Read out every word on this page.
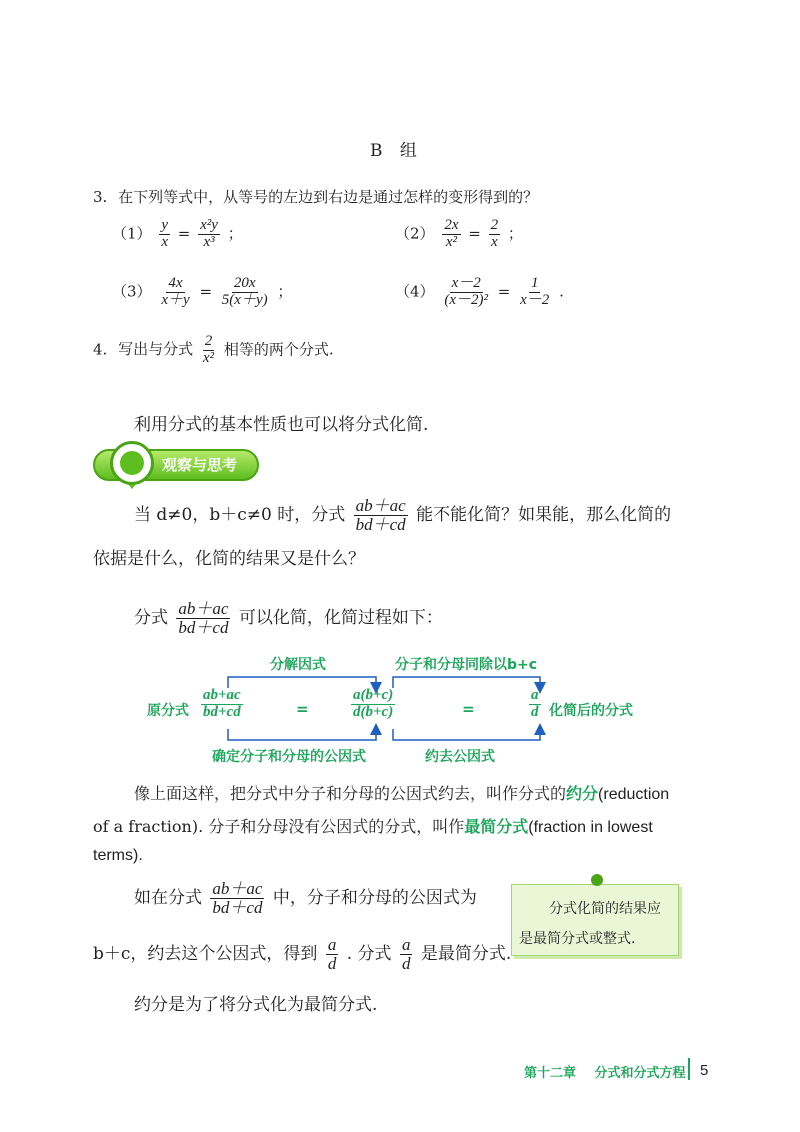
B 组
3. 在下列等式中，从等号的左边到右边是通过怎样的变形得到的？
$(1) \frac{y}{x} = \frac{\text{x²y}}{\text{x³}}$ ；	$(2) \frac{2x}{\text{x²}} = \frac{2}{x}$ ；
$(3) \frac{4x}{x+y} = \frac{20x}{5(x+y)}$ ；	$(4) \frac{x-2}{\text{(x－2)²}} = \frac{1}{x-2}$ .
4. 写出与分式 $\frac{2}{\text{x²}}$ 相等的两个分式.
利用分式的基本性质也可以将分式化简.
观察与思考
当 d≠0，b＋c≠0 时，分式 $\frac{ab+ac}{bd+cd}$ 能不能化简？如果能，那么化简的
依据是什么，化简的结果又是什么？
分式 $\frac{ab+ac}{bd+cd}$ 可以化简，化简过程如下：
分解因式	分子和分母同除以b+c
确定分子和分母的公因式	约去公因式
原分式 $\frac{ab+ac}{bd+cd}$	=	$\frac{a(b+c)}{d(b+c)}$	=	$\frac{a}{d}$ 化简后的分式
像上面这样，把分式中分子和分母的公因式约去，叫作分式的约分(reduction
of a fraction). 分子和分母没有公因式的分式，叫作最简分式(fraction in lowest
terms).
如在分式 $\frac{ab+ac}{bd+cd}$ 中，分子和分母的公因式为
b＋c，约去这个公因式，得到 $\frac{a}{d}$ . 分式 $\frac{a}{d}$ 是最简分式.
分式化简的结果应
是最简分式或整式.
约分是为了将分式化为最简分式.
第十二章 分式和分式方程 5
